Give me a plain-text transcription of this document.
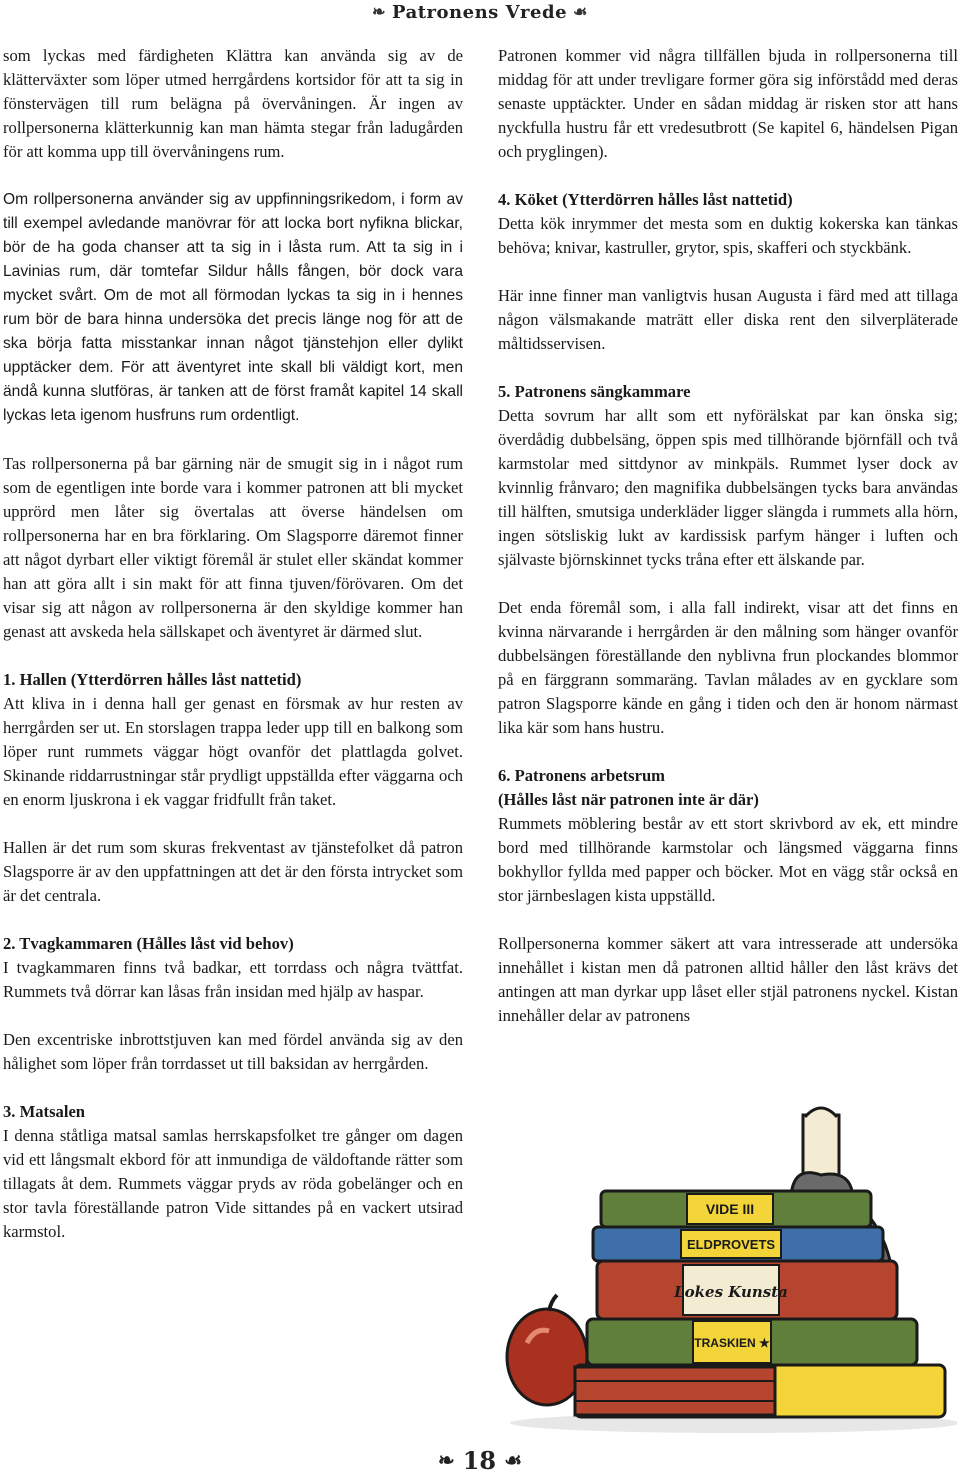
❧ Patronens Vrede ☙

som lyckas med färdigheten Klättra kan använda sig av de klätterväxter som löper utmed herrgårdens kortsidor för att ta sig in fönstervägen till rum belägna på övervåningen. Är ingen av rollpersonerna klätterkunnig kan man hämta stegar från ladugården för att komma upp till övervåningens rum.

Om rollpersonerna använder sig av uppfinningsrikedom, i form av till exempel avledande manövrar för att locka bort nyfikna blickar, bör de ha goda chanser att ta sig in i låsta rum. Att ta sig in i Lavinias rum, där tomtefar Sildur hålls fången, bör dock vara mycket svårt. Om de mot all förmodan lyckas ta sig in i hennes rum bör de bara hinna undersöka det precis länge nog för att de ska börja fatta misstankar innan något tjänstehjon eller dylikt upptäcker dem. För att äventyret inte skall bli väldigt kort, men ändå kunna slutföras, är tanken att de först framåt kapitel 14 skall lyckas leta igenom husfruns rum ordentligt.

Tas rollpersonerna på bar gärning när de smugit sig in i något rum som de egentligen inte borde vara i kommer patronen att bli mycket upprörd men låter sig övertalas att överse händelsen om rollpersonerna har en bra förklaring. Om Slagsporre däremot finner att något dyrbart eller viktigt föremål är stulet eller skändat kommer han att göra allt i sin makt för att finna tjuven/förövaren. Om det visar sig att någon av rollpersonerna är den skyldige kommer han genast att avskeda hela sällskapet och äventyret är därmed slut.

1. Hallen (Ytterdörren hålles låst nattetid)
Att kliva in i denna hall ger genast en försmak av hur resten av herrgården ser ut. En storslagen trappa leder upp till en balkong som löper runt rummets väggar högt ovanför det plattlagda golvet. Skinande riddarrustningar står prydligt uppställda efter väggarna och en enorm ljuskrona i ek vaggar fridfullt från taket.

Hallen är det rum som skuras frekventast av tjänstefolket då patron Slagsporre är av den uppfattningen att det är den första intrycket som är det centrala.

2. Tvagkammaren (Hålles låst vid behov)
I tvagkammaren finns två badkar, ett torrdass och några tvättfat. Rummets två dörrar kan låsas från insidan med hjälp av haspar.

Den excentriske inbrottstjuven kan med fördel använda sig av den hålighet som löper från torrdasset ut till baksidan av herrgården.

3. Matsalen
I denna ståtliga matsal samlas herrskapsfolket tre gånger om dagen vid ett långsmalt ekbord för att inmundiga de väldoftande rätter som tillagats åt dem. Rummets väggar pryds av röda gobelänger och en stor tavla föreställande patron Vide sittandes på en vackert utsirad karmstol.

Patronen kommer vid några tillfällen bjuda in rollpersonerna till middag för att under trevligare former göra sig införstådd med deras senaste upptäckter. Under en sådan middag är risken stor att hans nyckfulla hustru får ett vredesutbrott (Se kapitel 6, händelsen Pigan och pryglingen).

4. Köket (Ytterdörren hålles låst nattetid)
Detta kök inrymmer det mesta som en duktig kokerska kan tänkas behöva; knivar, kastruller, grytor, spis, skafferi och styckbänk.

Här inne finner man vanligtvis husan Augusta i färd med att tillaga någon välsmakande maträtt eller diska rent den silverpläterade måltidsservisen.

5. Patronens sängkammare
Detta sovrum har allt som ett nyförälskat par kan önska sig; överdådig dubbelsäng, öppen spis med tillhörande björnfäll och två karmstolar med sittdynor av minkpäls. Rummet lyser dock av kvinnlig frånvaro; den magnifika dubbelsängen tycks bara användas till hälften, smutsiga underkläder ligger slängda i rummets alla hörn, ingen sötsliskig lukt av kardissisk parfym hänger i luften och självaste björnskinnet tycks tråna efter ett älskande par.

Det enda föremål som, i alla fall indirekt, visar att det finns en kvinna närvarande i herrgården är den målning som hänger ovanför dubbelsängen föreställande den nyblivna frun plockandes blommor på en färggrann sommaräng. Tavlan målades av en gycklare som patron Slagsporre kände en gång i tiden och den är honom närmast lika kär som hans hustru.

6. Patronens arbetsrum
(Hålles låst när patronen inte är där)
Rummets möblering består av ett stort skrivbord av ek, ett mindre bord med tillhörande karmstolar och längsmed väggarna finns bokhyllor fyllda med papper och böcker. Mot en vägg står också en stor järnbeslagen kista uppställd.

Rollpersonerna kommer säkert att vara intresserade att undersöka innehållet i kistan men då patronen alltid håller den låst krävs det antingen att man dyrkar upp låset eller stjäl patronens nyckel. Kistan innehåller delar av patronens

TRASKIEN ★
Lokes Kunsta
ELDPROVETS
VIDE III
❧ 18 ☙
